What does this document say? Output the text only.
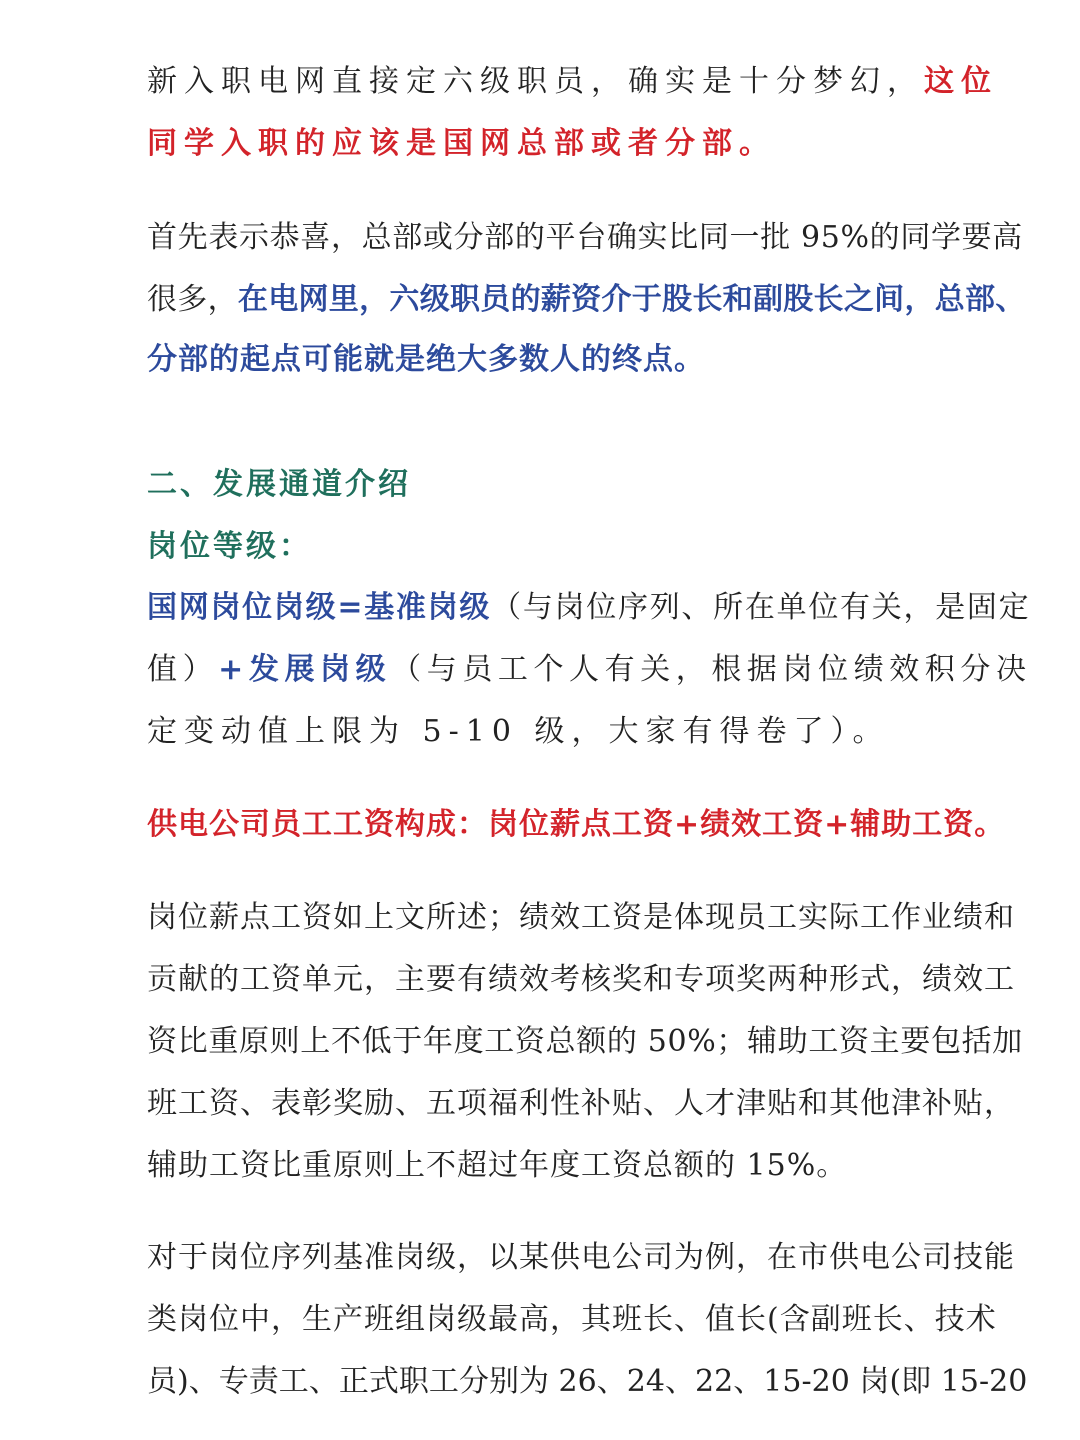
新入职电网直接定六级职员，确实是十分梦幻，这位
同学入职的应该是国网总部或者分部。
首先表示恭喜，总部或分部的平台确实比同一批 95%的同学要高
很多，在电网里，六级职员的薪资介于股长和副股长之间，总部、
分部的起点可能就是绝大多数人的终点。
二、发展通道介绍
岗位等级：
国网岗位岗级=基准岗级（与岗位序列、所在单位有关，是固定
值）+发展岗级（与员工个人有关，根据岗位绩效积分决
定变动值上限为 5-10 级，大家有得卷了）。
供电公司员工工资构成：岗位薪点工资+绩效工资+辅助工资。
岗位薪点工资如上文所述；绩效工资是体现员工实际工作业绩和
贡献的工资单元，主要有绩效考核奖和专项奖两种形式，绩效工
资比重原则上不低于年度工资总额的 50%；辅助工资主要包括加
班工资、表彰奖励、五项福利性补贴、人才津贴和其他津补贴，
辅助工资比重原则上不超过年度工资总额的 15%。
对于岗位序列基准岗级，以某供电公司为例，在市供电公司技能
类岗位中，生产班组岗级最高，其班长、值长(含副班长、技术
员)、专责工、正式职工分别为 26、24、22、15-20 岗(即 15-20
